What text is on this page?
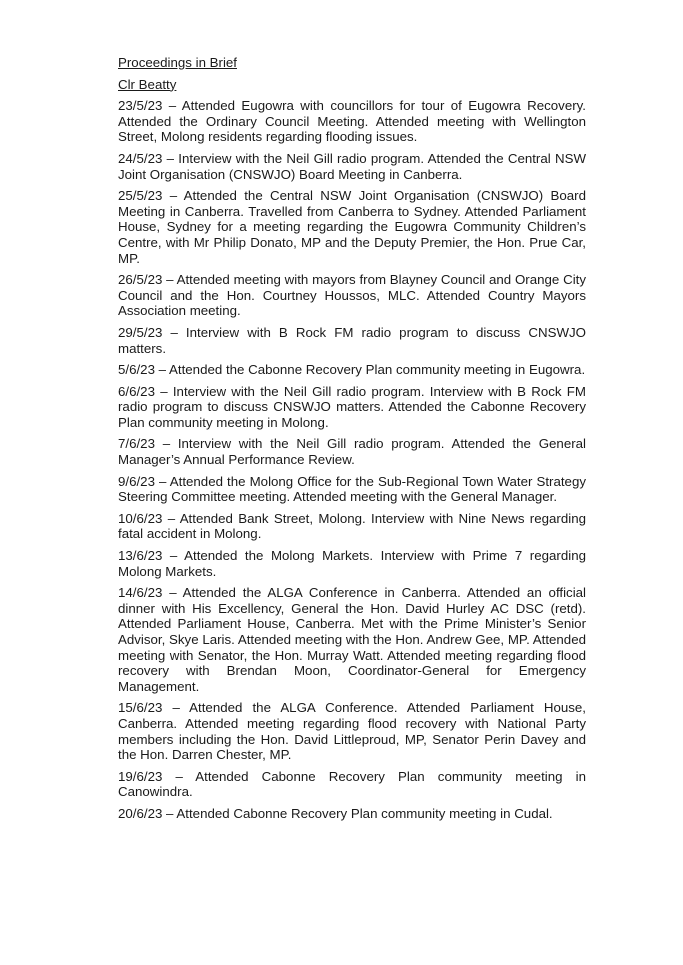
Proceedings in Brief

Clr Beatty

23/5/23 – Attended Eugowra with councillors for tour of Eugowra Recovery. Attended the Ordinary Council Meeting. Attended meeting with Wellington Street, Molong residents regarding flooding issues.

24/5/23 – Interview with the Neil Gill radio program. Attended the Central NSW Joint Organisation (CNSWJO) Board Meeting in Canberra.

25/5/23 – Attended the Central NSW Joint Organisation (CNSWJO) Board Meeting in Canberra. Travelled from Canberra to Sydney. Attended Parliament House, Sydney for a meeting regarding the Eugowra Community Children’s Centre, with Mr Philip Donato, MP and the Deputy Premier, the Hon. Prue Car, MP.

26/5/23 – Attended meeting with mayors from Blayney Council and Orange City Council and the Hon. Courtney Houssos, MLC. Attended Country Mayors Association meeting.

29/5/23 – Interview with B Rock FM radio program to discuss CNSWJO matters.

5/6/23 – Attended the Cabonne Recovery Plan community meeting in Eugowra.

6/6/23 – Interview with the Neil Gill radio program. Interview with B Rock FM radio program to discuss CNSWJO matters. Attended the Cabonne Recovery Plan community meeting in Molong.

7/6/23 – Interview with the Neil Gill radio program. Attended the General Manager’s Annual Performance Review.

9/6/23 – Attended the Molong Office for the Sub-Regional Town Water Strategy Steering Committee meeting. Attended meeting with the General Manager.

10/6/23 – Attended Bank Street, Molong. Interview with Nine News regarding fatal accident in Molong.

13/6/23 – Attended the Molong Markets. Interview with Prime 7 regarding Molong Markets.

14/6/23 – Attended the ALGA Conference in Canberra. Attended an official dinner with His Excellency, General the Hon. David Hurley AC DSC (retd). Attended Parliament House, Canberra. Met with the Prime Minister’s Senior Advisor, Skye Laris. Attended meeting with the Hon. Andrew Gee, MP. Attended meeting with Senator, the Hon. Murray Watt. Attended meeting regarding flood recovery with Brendan Moon, Coordinator-General for Emergency Management.

15/6/23 – Attended the ALGA Conference. Attended Parliament House, Canberra. Attended meeting regarding flood recovery with National Party members including the Hon. David Littleproud, MP, Senator Perin Davey and the Hon. Darren Chester, MP.

19/6/23 – Attended Cabonne Recovery Plan community meeting in Canowindra.

20/6/23 – Attended Cabonne Recovery Plan community meeting in Cudal.
